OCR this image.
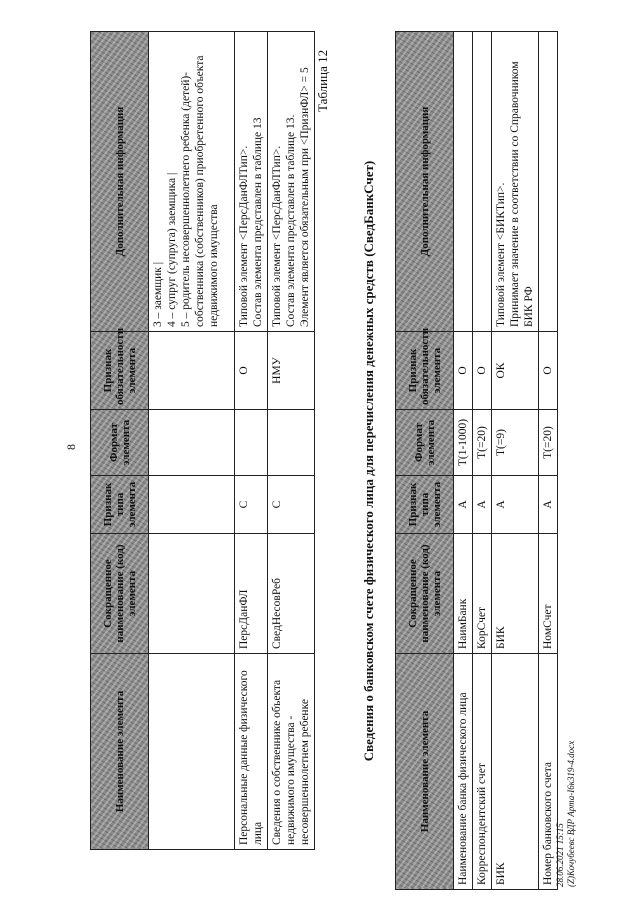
8
Наименование элемента	Сокращенное наименование (код) элемента	Признак типа элемента	Формат элемента	Признак обязательности элемента	Дополнительная информация

					3 – заемщик | 4 – супруг (супруга) заемщика | 5 – родитель несовершеннолетнего ребенка (детей)-собственника (собственников) приобретенного объекта недвижимого имущества

Персональные данные физического лица	ПерсДанФЛ	С		О	Типовой элемент <ПерсДанФЛТип>. Состав элемента представлен в таблице 13

Сведения о собственнике объекта недвижимого имущества - несовершеннолетнем ребенке	СведНесовРеб	С		НМУ	Типовой элемент <ПерсДанФЛТип>. Состав элемента представлен в таблице 13. Элемент является обязательным при <ПризнФЛ> = 5 Таблица 12
Сведения о банковском счете физического лица для перечисления денежных средств (СведБанкСчет)
Наименование элемента	Сокращенное наименование (код) элемента	Признак типа элемента	Формат элемента	Признак обязательности элемента	Дополнительная информация
Наименование банка физического лица	НаимБанк	А	T(1-1000)	О	
Корреспондентский счет	КорСчет	А	T(=20)	О	
БИК	БИК	А	T(=9)	ОК	Типовой элемент <БИКТип>. Принимает значение в соответствии со Справочником БИК РФ

Номер банковского счета	НомСчет	А	T(=20)	О	
28.06.2021 15:15 (Z)Кочубеевс ВДР Арта-I6к319-4.docx
